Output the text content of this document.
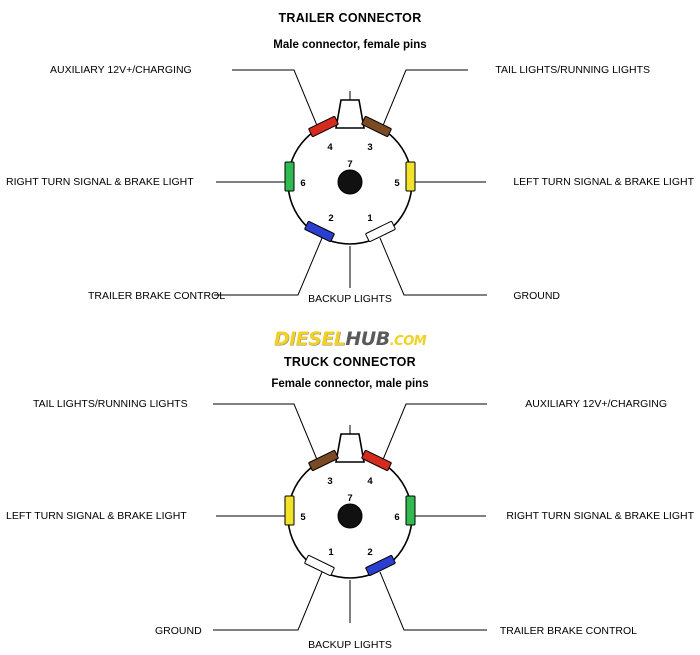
TRAILER CONNECTOR
Male connector, female pins
4	3
6	5
2	1
7
AUXILIARY 12V+/CHARGING	TAIL LIGHTS/RUNNING LIGHTS
RIGHT TURN SIGNAL & BRAKE LIGHT	LEFT TURN SIGNAL & BRAKE LIGHT
TRAILER BRAKE CONTROL	GROUND
BACKUP LIGHTS
TRUCK CONNECTOR
Female connector, male pins
3	4
5	6
1	2
7
TAIL LIGHTS/RUNNING LIGHTS	AUXILIARY 12V+/CHARGING
LEFT TURN SIGNAL & BRAKE LIGHT	RIGHT TURN SIGNAL & BRAKE LIGHT
GROUND	TRAILER BRAKE CONTROL
BACKUP LIGHTS
DIESELHUB.COM
